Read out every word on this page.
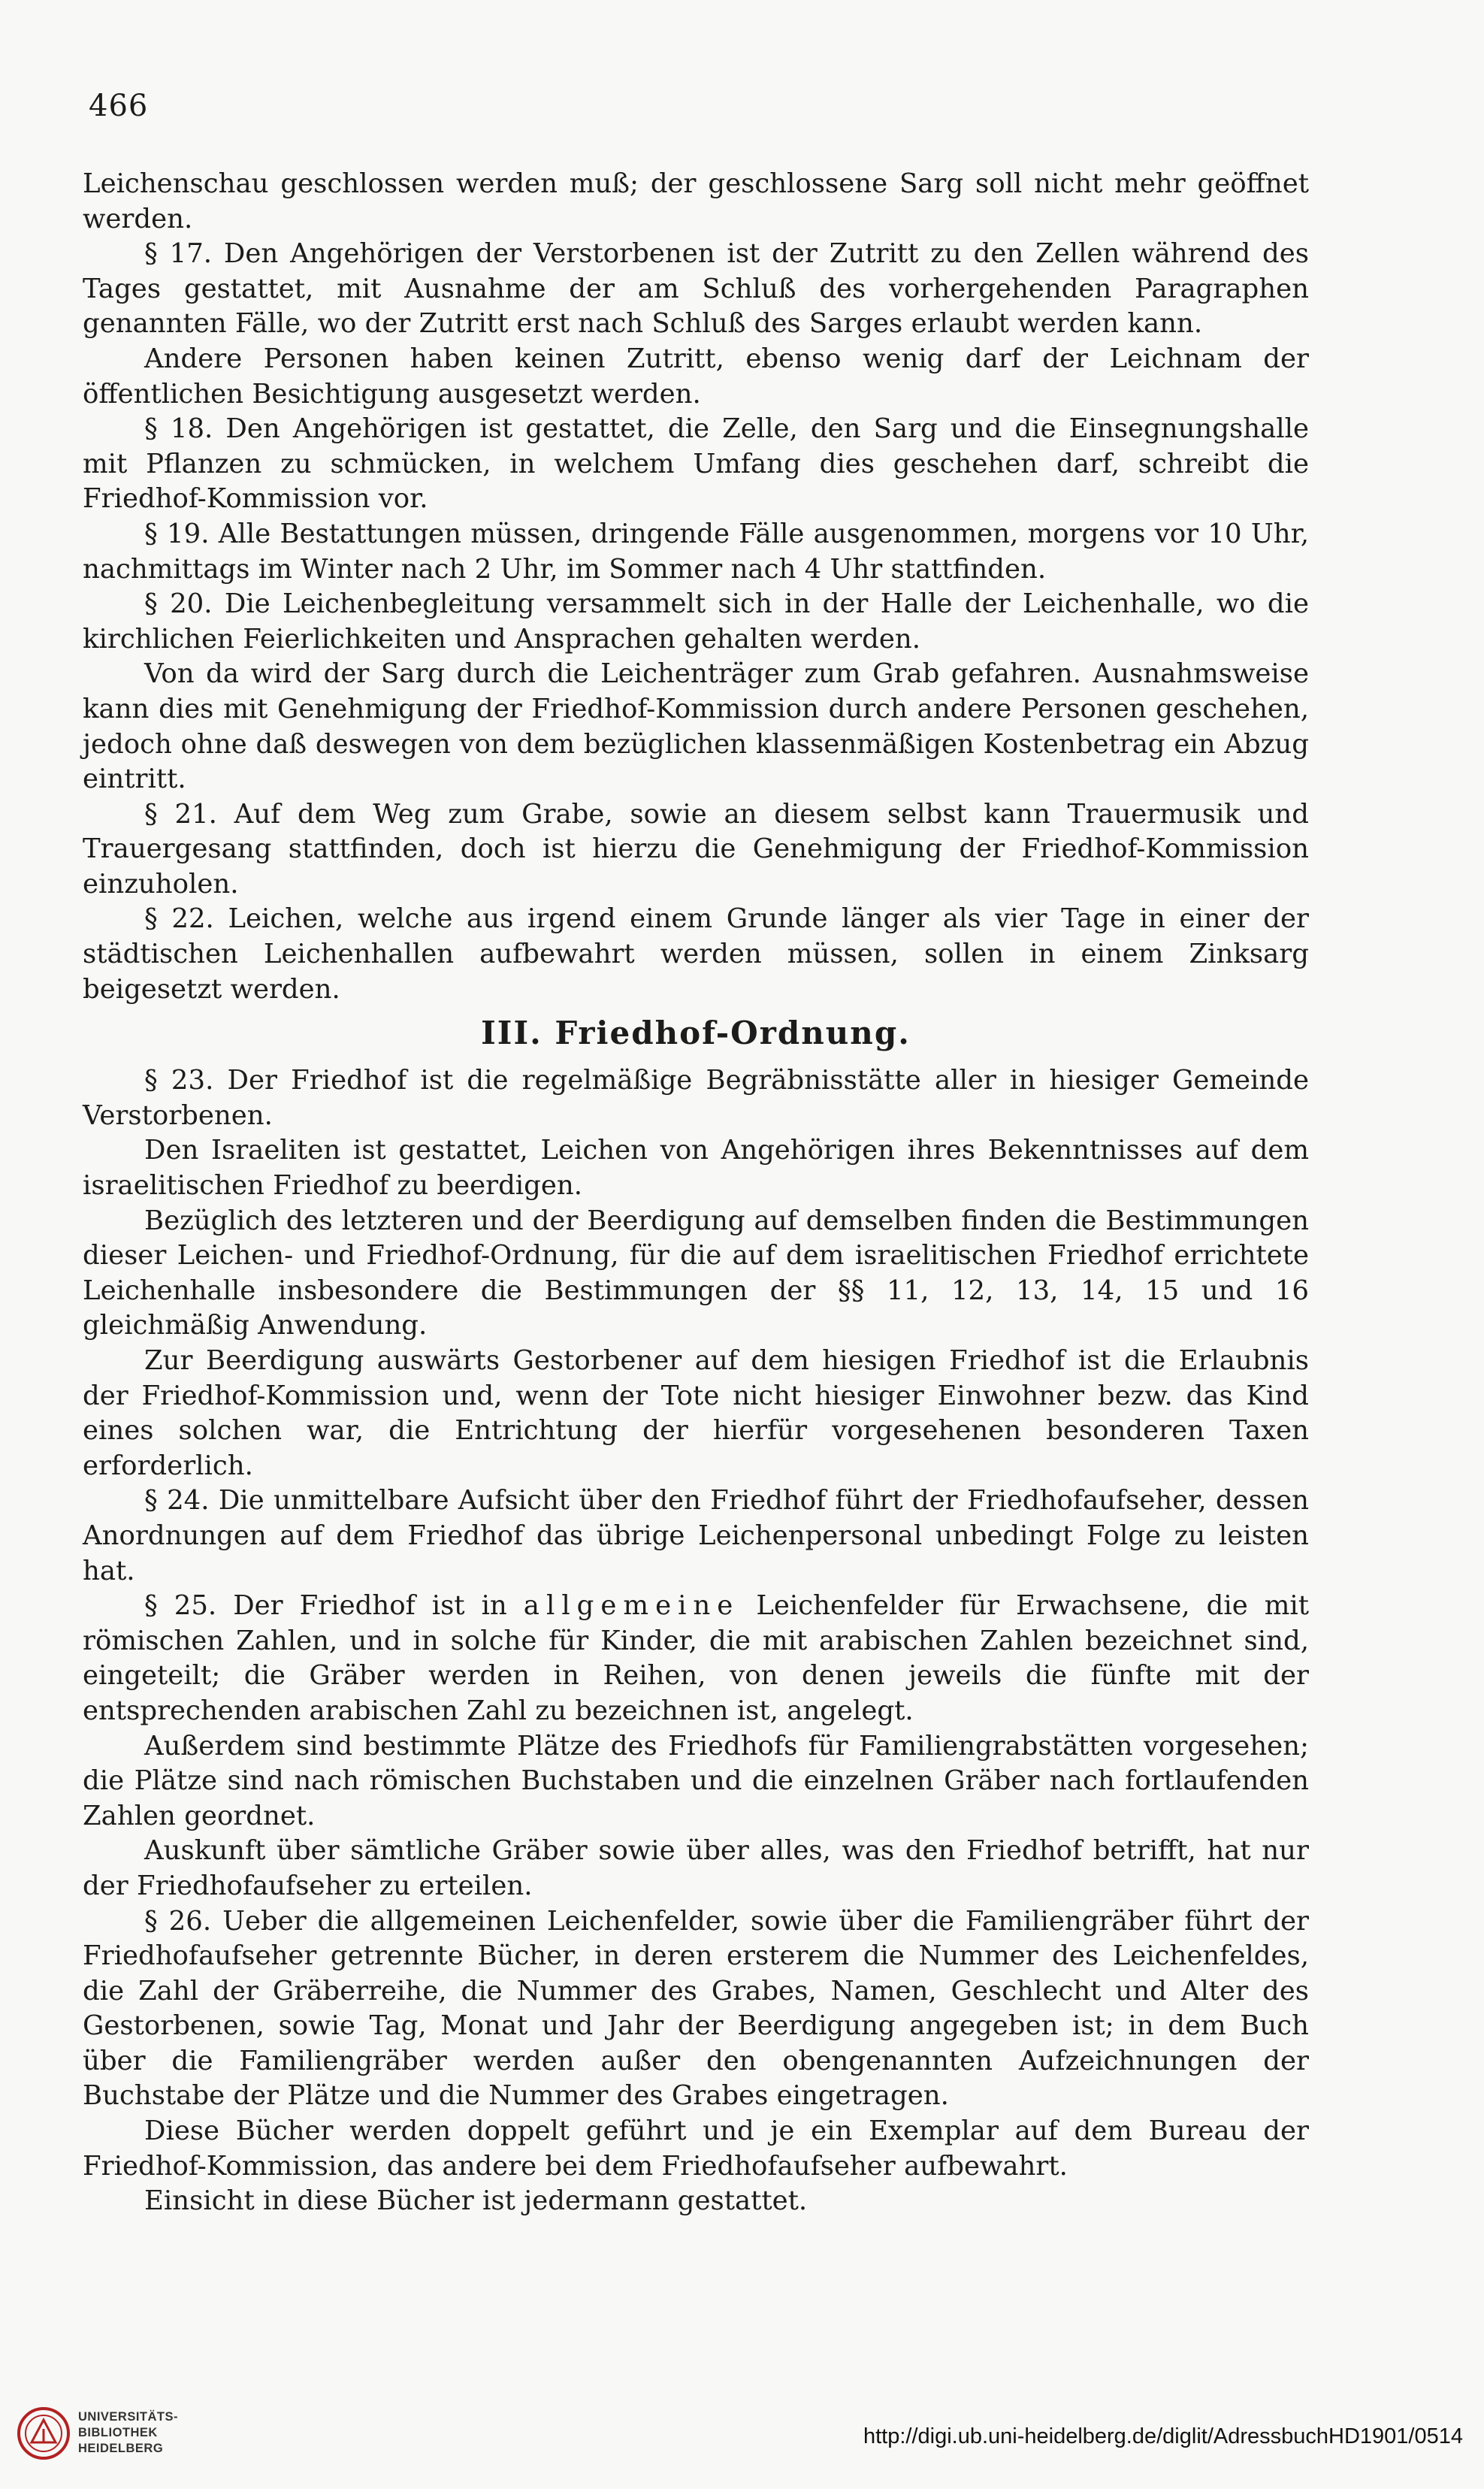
466

Leichenschau geschlossen werden muß; der geschlossene Sarg soll nicht mehr geöffnet werden.

§ 17. Den Angehörigen der Verstorbenen ist der Zutritt zu den Zellen während des Tages gestattet, mit Ausnahme der am Schluß des vorhergehenden Paragraphen genannten Fälle, wo der Zutritt erst nach Schluß des Sarges erlaubt werden kann.

Andere Personen haben keinen Zutritt, ebenso wenig darf der Leichnam der öffentlichen Besichtigung ausgesetzt werden.

§ 18. Den Angehörigen ist gestattet, die Zelle, den Sarg und die Einsegnungshalle mit Pflanzen zu schmücken, in welchem Umfang dies geschehen darf, schreibt die Friedhof-Kommission vor.

§ 19. Alle Bestattungen müssen, dringende Fälle ausgenommen, morgens vor 10 Uhr, nachmittags im Winter nach 2 Uhr, im Sommer nach 4 Uhr stattfinden.

§ 20. Die Leichenbegleitung versammelt sich in der Halle der Leichenhalle, wo die kirchlichen Feierlichkeiten und Ansprachen gehalten werden.

Von da wird der Sarg durch die Leichenträger zum Grab gefahren. Ausnahmsweise kann dies mit Genehmigung der Friedhof-Kommission durch andere Personen geschehen, jedoch ohne daß deswegen von dem bezüglichen klassenmäßigen Kostenbetrag ein Abzug eintritt.

§ 21. Auf dem Weg zum Grabe, sowie an diesem selbst kann Trauermusik und Trauergesang stattfinden, doch ist hierzu die Genehmigung der Friedhof-Kommission einzuholen.

§ 22. Leichen, welche aus irgend einem Grunde länger als vier Tage in einer der städtischen Leichenhallen aufbewahrt werden müssen, sollen in einem Zinksarg beigesetzt werden.

III. Friedhof-Ordnung.

§ 23. Der Friedhof ist die regelmäßige Begräbnisstätte aller in hiesiger Gemeinde Verstorbenen.

Den Israeliten ist gestattet, Leichen von Angehörigen ihres Bekenntnisses auf dem israelitischen Friedhof zu beerdigen.

Bezüglich des letzteren und der Beerdigung auf demselben finden die Bestimmungen dieser Leichen- und Friedhof-Ordnung, für die auf dem israelitischen Friedhof errichtete Leichenhalle insbesondere die Bestimmungen der §§ 11, 12, 13, 14, 15 und 16 gleichmäßig Anwendung.

Zur Beerdigung auswärts Gestorbener auf dem hiesigen Friedhof ist die Erlaubnis der Friedhof-Kommission und, wenn der Tote nicht hiesiger Einwohner bezw. das Kind eines solchen war, die Entrichtung der hierfür vorgesehenen besonderen Taxen erforderlich.

§ 24. Die unmittelbare Aufsicht über den Friedhof führt der Friedhofaufseher, dessen Anordnungen auf dem Friedhof das übrige Leichenpersonal unbedingt Folge zu leisten hat.

§ 25. Der Friedhof ist in allgemeine Leichenfelder für Erwachsene, die mit römischen Zahlen, und in solche für Kinder, die mit arabischen Zahlen bezeichnet sind, eingeteilt; die Gräber werden in Reihen, von denen jeweils die fünfte mit der entsprechenden arabischen Zahl zu bezeichnen ist, angelegt.

Außerdem sind bestimmte Plätze des Friedhofs für Familiengrabstätten vorgesehen; die Plätze sind nach römischen Buchstaben und die einzelnen Gräber nach fortlaufenden Zahlen geordnet.

Auskunft über sämtliche Gräber sowie über alles, was den Friedhof betrifft, hat nur der Friedhofaufseher zu erteilen.

§ 26. Ueber die allgemeinen Leichenfelder, sowie über die Familiengräber führt der Friedhofaufseher getrennte Bücher, in deren ersterem die Nummer des Leichenfeldes, die Zahl der Gräberreihe, die Nummer des Grabes, Namen, Geschlecht und Alter des Gestorbenen, sowie Tag, Monat und Jahr der Beerdigung angegeben ist; in dem Buch über die Familiengräber werden außer den obengenannten Aufzeichnungen der Buchstabe der Plätze und die Nummer des Grabes eingetragen.

Diese Bücher werden doppelt geführt und je ein Exemplar auf dem Bureau der Friedhof-Kommission, das andere bei dem Friedhofaufseher aufbewahrt.

Einsicht in diese Bücher ist jedermann gestattet.

UNIVERSITÄTS-
BIBLIOTHEK
HEIDELBERG	http://digi.ub.uni-heidelberg.de/diglit/AdressbuchHD1901/0514
